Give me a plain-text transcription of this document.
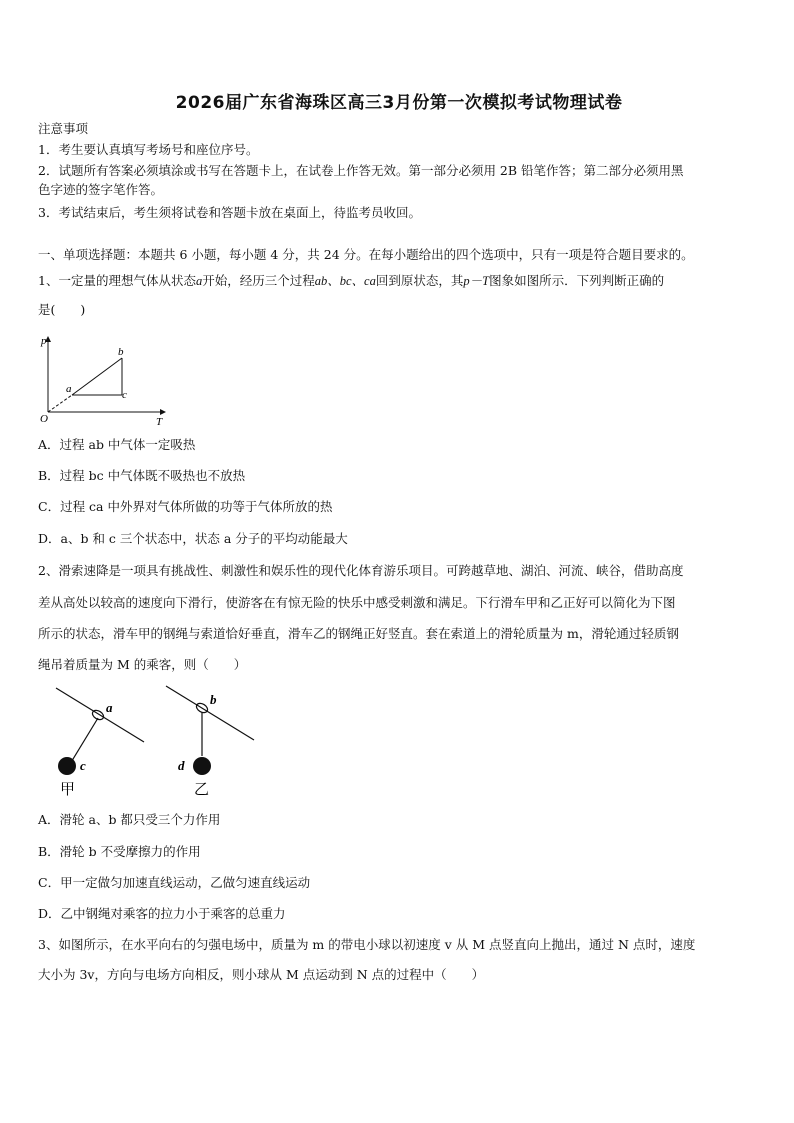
2026届广东省海珠区高三3月份第一次模拟考试物理试卷
注意事项
1．考生要认真填写考场号和座位序号。
2．试题所有答案必须填涂或书写在答题卡上，在试卷上作答无效。第一部分必须用 2B 铅笔作答；第二部分必须用黑
色字迹的签字笔作答。
3．考试结束后，考生须将试卷和答题卡放在桌面上，待监考员收回。
一、单项选择题：本题共 6 小题，每小题 4 分，共 24 分。在每小题给出的四个选项中，只有一项是符合题目要求的。
1、一定量的理想气体从状态a开始，经历三个过程ab、bc、ca回到原状态，其p－T图象如图所示．下列判断正确的
是(　　)
p
T
O
a
b
c
A．过程 ab 中气体一定吸热
B．过程 bc 中气体既不吸热也不放热
C．过程 ca 中外界对气体所做的功等于气体所放的热
D．a、b 和 c 三个状态中，状态 a 分子的平均动能最大
2、滑索速降是一项具有挑战性、刺激性和娱乐性的现代化体育游乐项目。可跨越草地、湖泊、河流、峡谷，借助高度
差从高处以较高的速度向下滑行，使游客在有惊无险的快乐中感受刺激和满足。下行滑车甲和乙正好可以简化为下图
所示的状态，滑车甲的钢绳与索道恰好垂直，滑车乙的钢绳正好竖直。套在索道上的滑轮质量为 m，滑轮通过轻质钢
绳吊着质量为 M 的乘客，则（　　）
a
c
甲
b
d
乙
A．滑轮 a、b 都只受三个力作用
B．滑轮 b 不受摩擦力的作用
C．甲一定做匀加速直线运动，乙做匀速直线运动
D．乙中钢绳对乘客的拉力小于乘客的总重力
3、如图所示，在水平向右的匀强电场中，质量为 m 的带电小球以初速度 v 从 M 点竖直向上抛出，通过 N 点时，速度
大小为 3v，方向与电场方向相反，则小球从 M 点运动到 N 点的过程中（　　）
